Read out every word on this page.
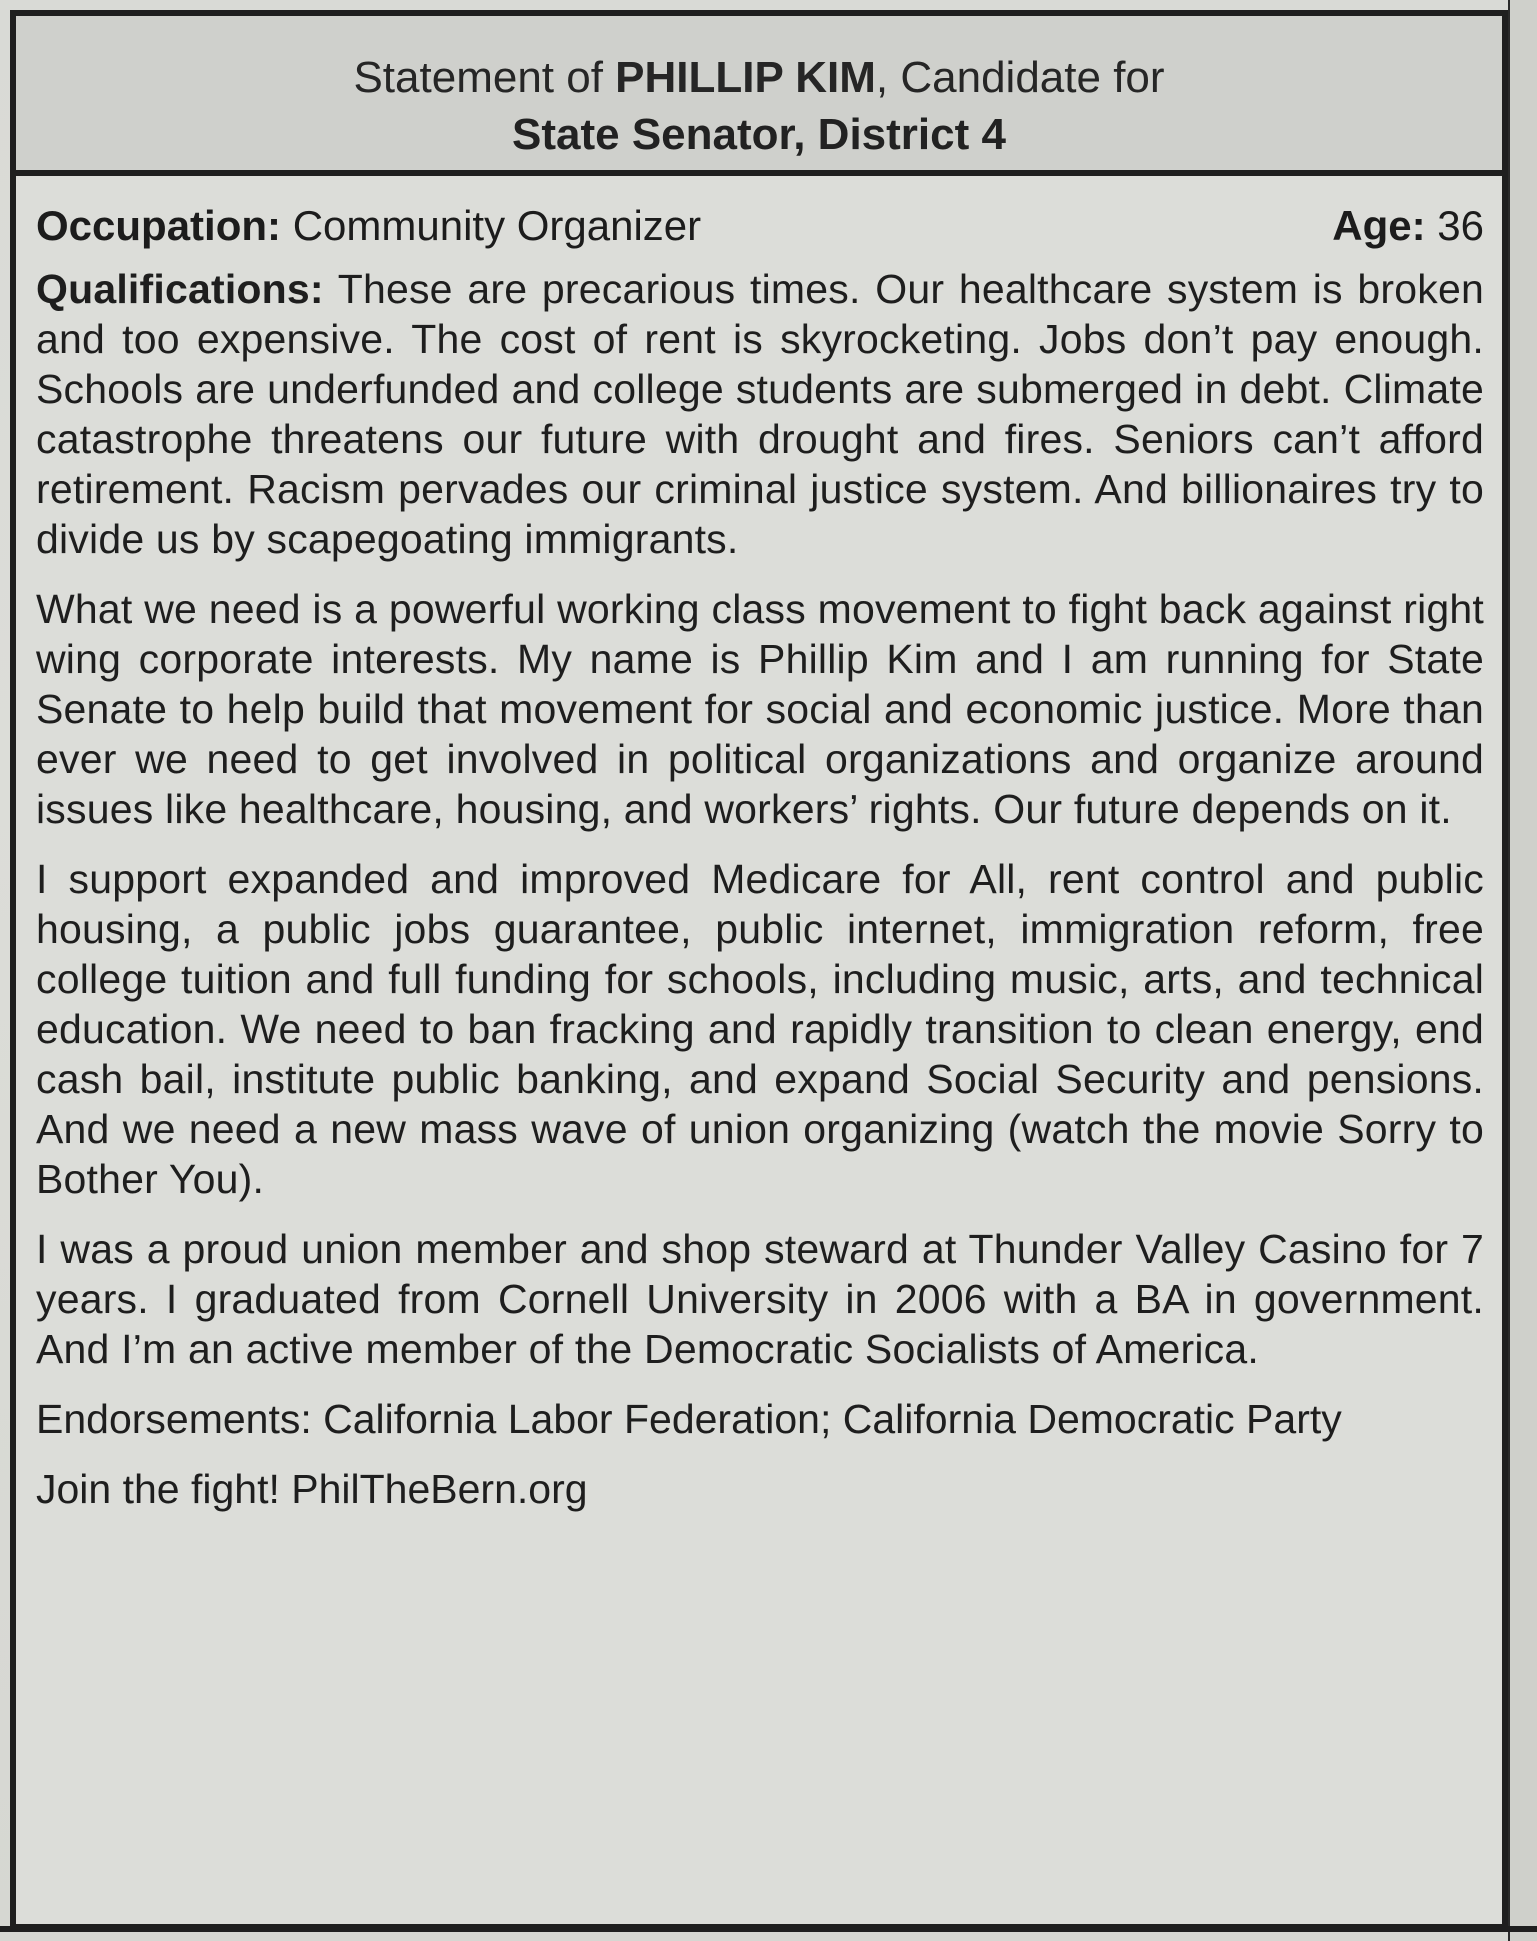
Statement of PHILLIP KIM, Candidate for
State Senator, District 4
Occupation: Community Organizer	Age: 36

Qualifications: These are precarious times. Our healthcare system is broken and too expensive. The cost of rent is skyrocketing. Jobs don’t pay enough. Schools are underfunded and college students are submerged in debt. Climate catastrophe threatens our future with drought and fires. Seniors can’t afford retirement. Racism pervades our criminal justice system. And billionaires try to divide us by scapegoating immigrants.

What we need is a powerful working class movement to fight back against right wing corporate interests. My name is Phillip Kim and I am running for State Senate to help build that movement for social and economic justice. More than ever we need to get involved in political organizations and organize around issues like healthcare, housing, and workers’ rights. Our future depends on it.

I support expanded and improved Medicare for All, rent control and public housing, a public jobs guarantee, public internet, immigration reform, free college tuition and full funding for schools, including music, arts, and technical education. We need to ban fracking and rapidly transition to clean energy, end cash bail, institute public banking, and expand Social Security and pensions. And we need a new mass wave of union organizing (watch the movie Sorry to Bother You).

I was a proud union member and shop steward at Thunder Valley Casino for 7 years. I graduated from Cornell University in 2006 with a BA in government. And I’m an active member of the Democratic Socialists of America.

Endorsements: California Labor Federation; California Democratic Party

Join the fight! PhilTheBern.org
